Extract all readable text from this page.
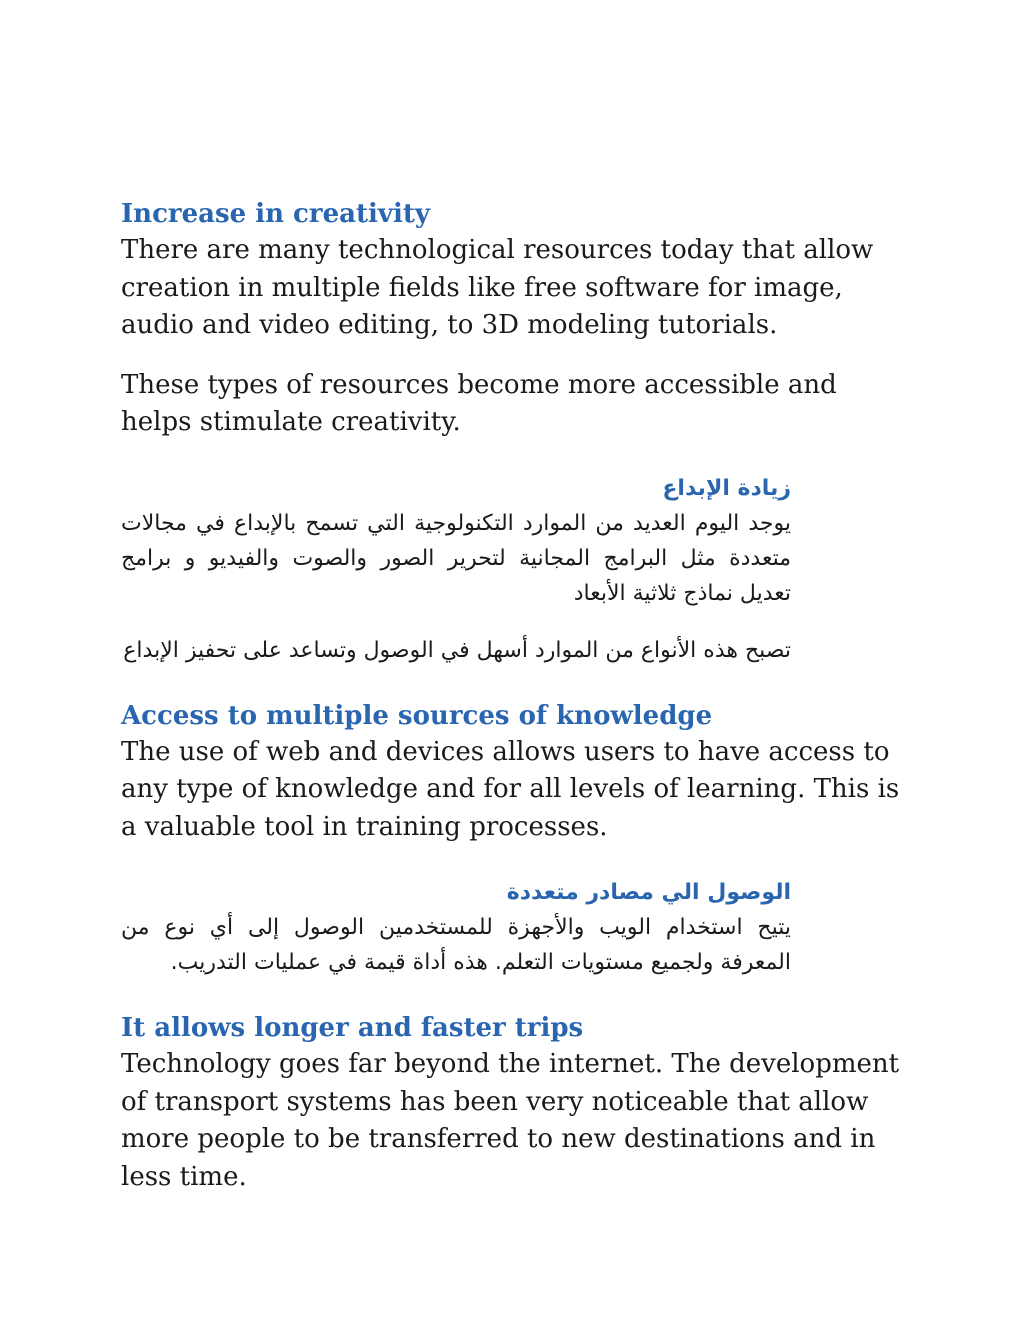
Increase in creativity

There are many technological resources today that allow creation in multiple fields like free software for image, audio and video editing, to 3D modeling tutorials.

These types of resources become more accessible and helps stimulate creativity.

زيادة الإبداع

يوجد اليوم العديد من الموارد التكنولوجية التي تسمح بالإبداع في مجالات متعددة مثل البرامج المجانية لتحرير الصور والصوت والفيديو و برامج تعديل نماذج ثلاثية الأبعاد

تصبح هذه الأنواع من الموارد أسهل في الوصول وتساعد على تحفيز الإبداع

Access to multiple sources of knowledge

The use of web and devices allows users to have access to any type of knowledge and for all levels of learning. This is a valuable tool in training processes.

الوصول الي مصادر متعددة

يتيح استخدام الويب والأجهزة للمستخدمين الوصول إلى أي نوع من المعرفة ولجميع مستويات التعلم. هذه أداة قيمة في عمليات التدريب.

It allows longer and faster trips

Technology goes far beyond the internet. The development of transport systems has been very noticeable that allow more people to be transferred to new destinations and in less time.
